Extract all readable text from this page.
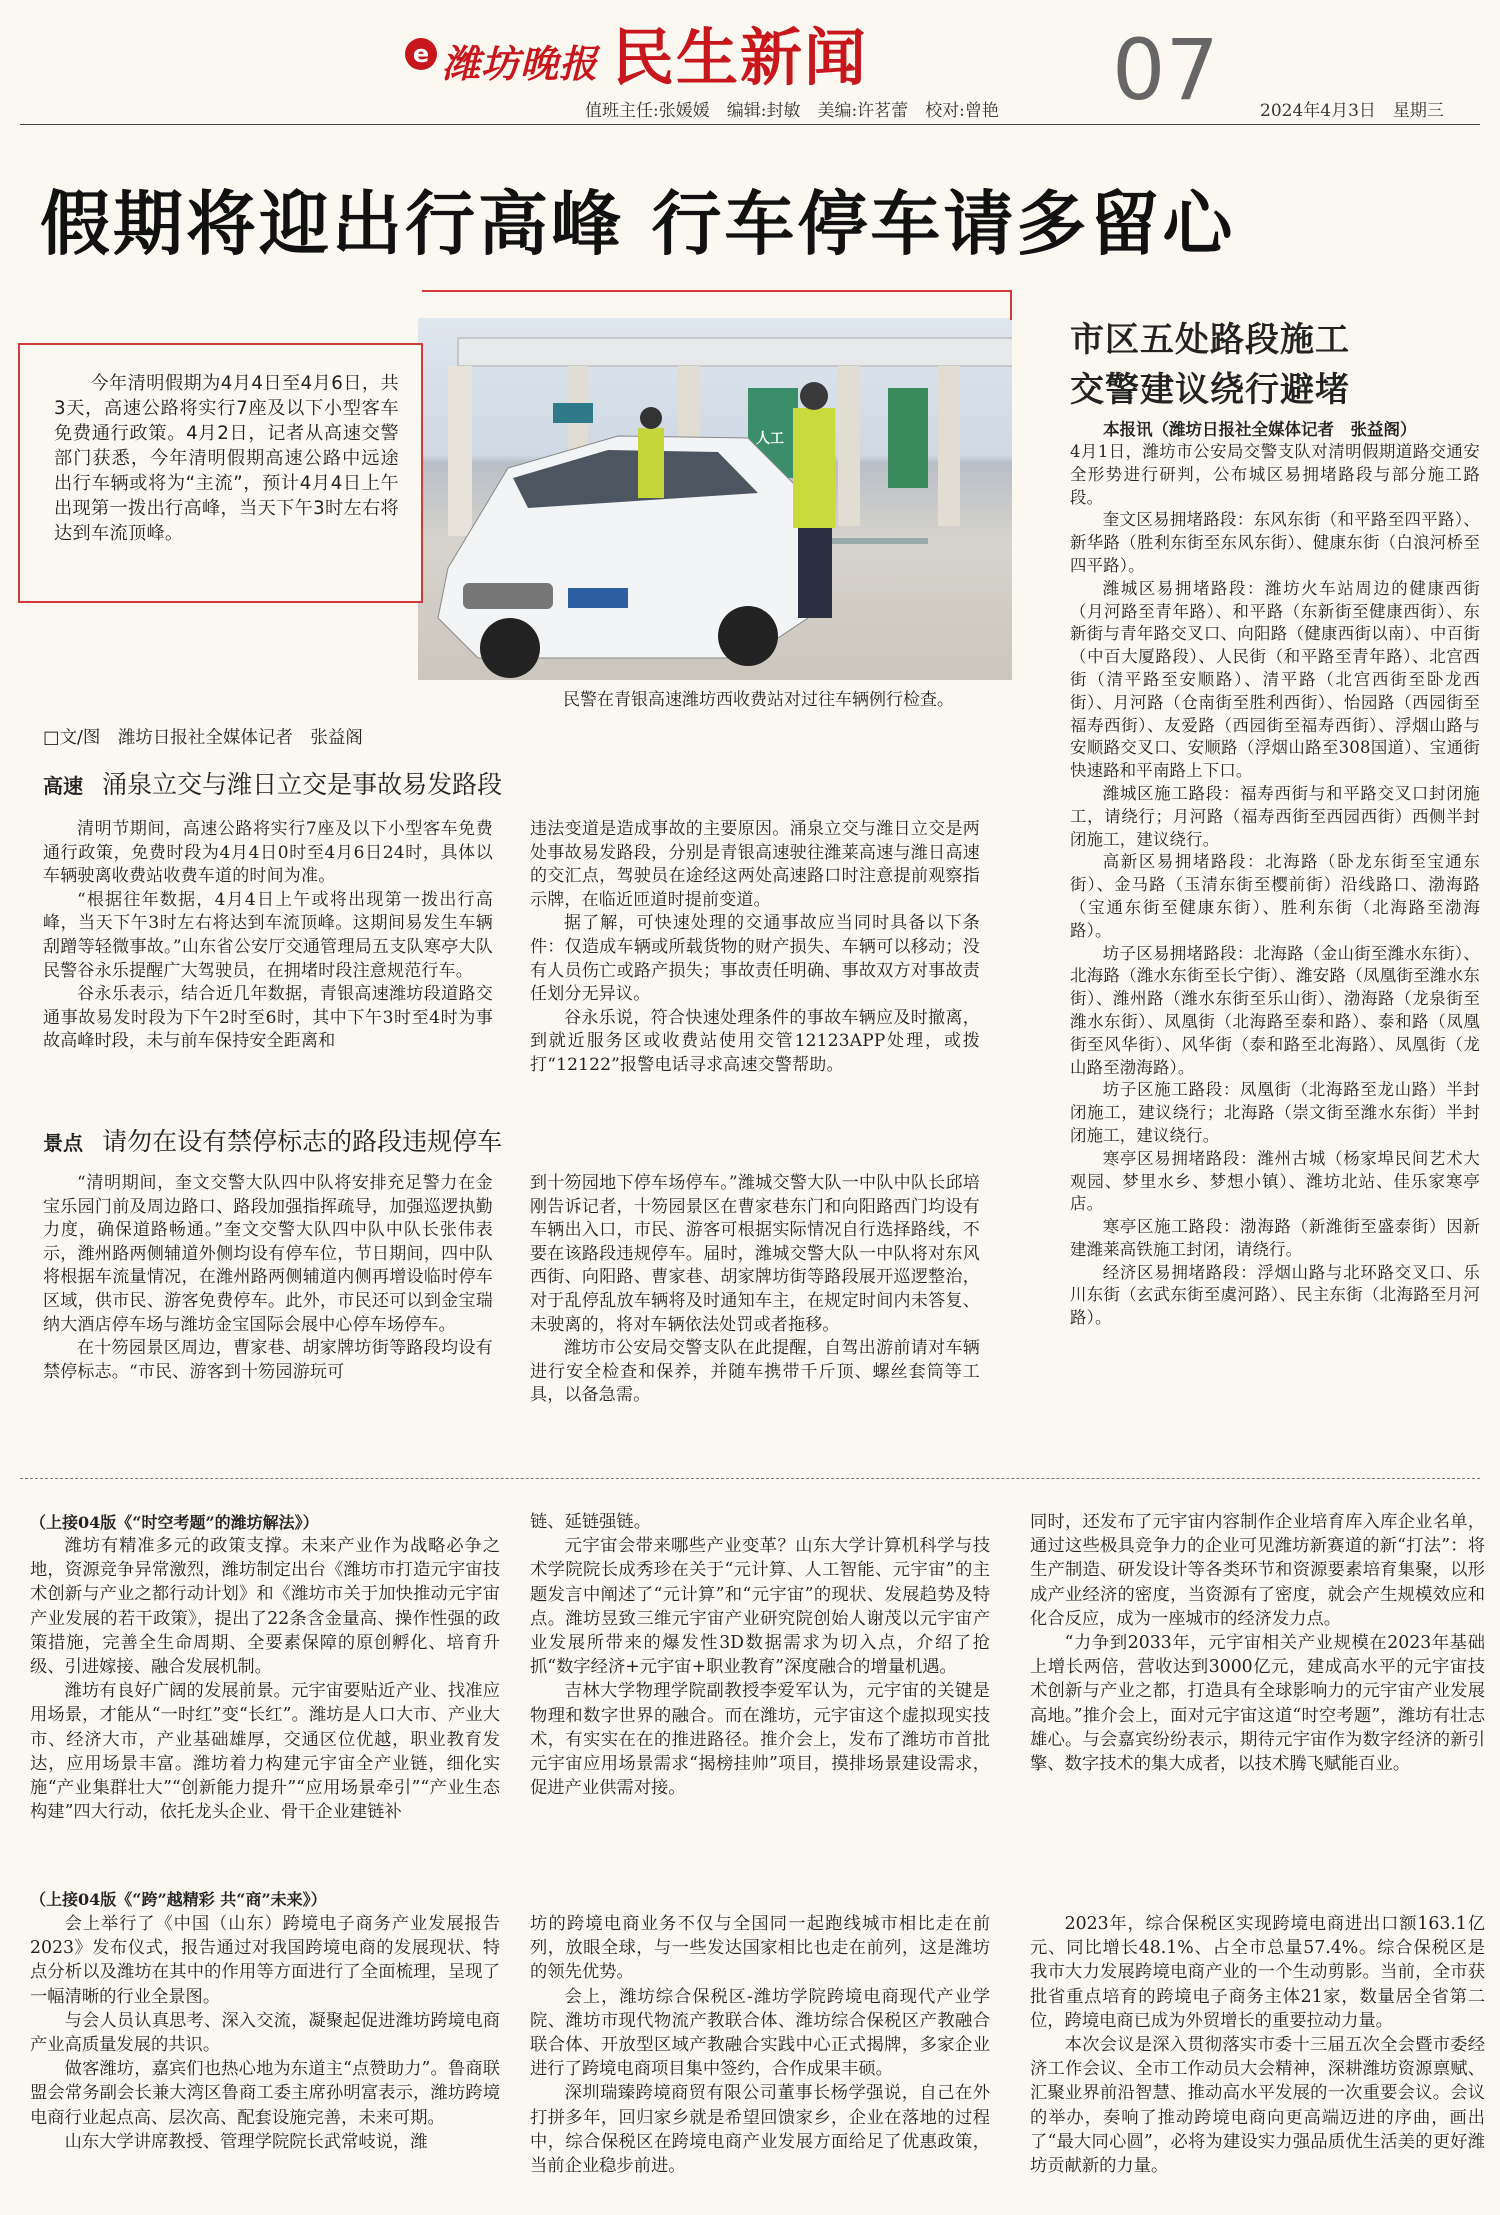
e 潍坊晚报 民生新闻
值班主任:张媛媛　编辑:封敏　美编:许茗蕾　校对:曾艳 07 2024年4月3日　星期三
假期将迎出行高峰 行车停车请多留心
人工
民警在青银高速潍坊西收费站对过往车辆例行检查。

今年清明假期为4月4日至4月6日，共3天，高速公路将实行7座及以下小型客车免费通行政策。4月2日，记者从高速交警部门获悉，今年清明假期高速公路中远途出行车辆或将为“主流”，预计4月4日上午出现第一拨出行高峰，当天下午3时左右将达到车流顶峰。

□文/图　潍坊日报社全媒体记者　张益阁
高速 涌泉立交与潍日立交是事故易发路段

清明节期间，高速公路将实行7座及以下小型客车免费通行政策，免费时段为4月4日0时至4月6日24时，具体以车辆驶离收费站收费车道的时间为准。

“根据往年数据，4月4日上午或将出现第一拨出行高峰，当天下午3时左右将达到车流顶峰。这期间易发生车辆刮蹭等轻微事故。”山东省公安厅交通管理局五支队寒亭大队民警谷永乐提醒广大驾驶员，在拥堵时段注意规范行车。

谷永乐表示，结合近几年数据，青银高速潍坊段道路交通事故易发时段为下午2时至6时，其中下午3时至4时为事故高峰时段，未与前车保持安全距离和

违法变道是造成事故的主要原因。涌泉立交与潍日立交是两处事故易发路段，分别是青银高速驶往潍莱高速与潍日高速的交汇点，驾驶员在途经这两处高速路口时注意提前观察指示牌，在临近匝道时提前变道。

据了解，可快速处理的交通事故应当同时具备以下条件：仅造成车辆或所载货物的财产损失、车辆可以移动；没有人员伤亡或路产损失；事故责任明确、事故双方对事故责任划分无异议。

谷永乐说，符合快速处理条件的事故车辆应及时撤离，到就近服务区或收费站使用交管12123APP处理，或拨打“12122”报警电话寻求高速交警帮助。

景点 请勿在设有禁停标志的路段违规停车

“清明期间，奎文交警大队四中队将安排充足警力在金宝乐园门前及周边路口、路段加强指挥疏导，加强巡逻执勤力度，确保道路畅通。”奎文交警大队四中队中队长张伟表示，潍州路两侧辅道外侧均设有停车位，节日期间，四中队将根据车流量情况，在潍州路两侧辅道内侧再增设临时停车区域，供市民、游客免费停车。此外，市民还可以到金宝瑞纳大酒店停车场与潍坊金宝国际会展中心停车场停车。

在十笏园景区周边，曹家巷、胡家牌坊街等路段均设有禁停标志。“市民、游客到十笏园游玩可

到十笏园地下停车场停车。”潍城交警大队一中队中队长邱培刚告诉记者，十笏园景区在曹家巷东门和向阳路西门均设有车辆出入口，市民、游客可根据实际情况自行选择路线，不要在该路段违规停车。届时，潍城交警大队一中队将对东风西街、向阳路、曹家巷、胡家牌坊街等路段展开巡逻整治，对于乱停乱放车辆将及时通知车主，在规定时间内未答复、未驶离的，将对车辆依法处罚或者拖移。

潍坊市公安局交警支队在此提醒，自驾出游前请对车辆进行安全检查和保养，并随车携带千斤顶、螺丝套筒等工具，以备急需。

市区五处路段施工
交警建议绕行避堵
本报讯（潍坊日报社全媒体记者　张益阁）

4月1日，潍坊市公安局交警支队对清明假期道路交通安全形势进行研判，公布城区易拥堵路段与部分施工路段。

奎文区易拥堵路段：东风东街（和平路至四平路）、新华路（胜利东街至东风东街）、健康东街（白浪河桥至四平路）。

潍城区易拥堵路段：潍坊火车站周边的健康西街（月河路至青年路）、和平路（东新街至健康西街）、东新街与青年路交叉口、向阳路（健康西街以南）、中百街（中百大厦路段）、人民街（和平路至青年路）、北宫西街（清平路至安顺路）、清平路（北宫西街至卧龙西街）、月河路（仓南街至胜利西街）、怡园路（西园街至福寿西街）、友爱路（西园街至福寿西街）、浮烟山路与安顺路交叉口、安顺路（浮烟山路至308国道）、宝通街快速路和平南路上下口。

潍城区施工路段：福寿西街与和平路交叉口封闭施工，请绕行；月河路（福寿西街至西园西街）西侧半封闭施工，建议绕行。

高新区易拥堵路段：北海路（卧龙东街至宝通东街）、金马路（玉清东街至樱前街）沿线路口、渤海路（宝通东街至健康东街）、胜利东街（北海路至渤海路）。

坊子区易拥堵路段：北海路（金山街至潍水东街）、北海路（潍水东街至长宁街）、潍安路（凤凰街至潍水东街）、潍州路（潍水东街至乐山街）、渤海路（龙泉街至潍水东街）、凤凰街（北海路至泰和路）、泰和路（凤凰街至风华街）、风华街（泰和路至北海路）、凤凰街（龙山路至渤海路）。

坊子区施工路段：凤凰街（北海路至龙山路）半封闭施工，建议绕行；北海路（崇文街至潍水东街）半封闭施工，建议绕行。

寒亭区易拥堵路段：潍州古城（杨家埠民间艺术大观园、梦里水乡、梦想小镇）、潍坊北站、佳乐家寒亭店。

寒亭区施工路段：渤海路（新潍街至盛泰街）因新建潍莱高铁施工封闭，请绕行。

经济区易拥堵路段：浮烟山路与北环路交叉口、乐川东街（玄武东街至虞河路）、民主东街（北海路至月河路）。

（上接04版《“时空考题”的潍坊解法》）

潍坊有精准多元的政策支撑。未来产业作为战略必争之地，资源竞争异常激烈，潍坊制定出台《潍坊市打造元宇宙技术创新与产业之都行动计划》和《潍坊市关于加快推动元宇宙产业发展的若干政策》，提出了22条含金量高、操作性强的政策措施，完善全生命周期、全要素保障的原创孵化、培育升级、引进嫁接、融合发展机制。

潍坊有良好广阔的发展前景。元宇宙要贴近产业、找准应用场景，才能从“一时红”变“长红”。潍坊是人口大市、产业大市、经济大市，产业基础雄厚，交通区位优越，职业教育发达，应用场景丰富。潍坊着力构建元宇宙全产业链，细化实施“产业集群壮大”“创新能力提升”“应用场景牵引”“产业生态构建”四大行动，依托龙头企业、骨干企业建链补

链、延链强链。

元宇宙会带来哪些产业变革？山东大学计算机科学与技术学院院长成秀珍在关于“元计算、人工智能、元宇宙”的主题发言中阐述了“元计算”和“元宇宙”的现状、发展趋势及特点。潍坊昱致三维元宇宙产业研究院创始人谢茂以元宇宙产业发展所带来的爆发性3D数据需求为切入点，介绍了抢抓“数字经济+元宇宙+职业教育”深度融合的增量机遇。

吉林大学物理学院副教授李爱军认为，元宇宙的关键是物理和数字世界的融合。而在潍坊，元宇宙这个虚拟现实技术，有实实在在的推进路径。推介会上，发布了潍坊市首批元宇宙应用场景需求“揭榜挂帅”项目，摸排场景建设需求，促进产业供需对接。

同时，还发布了元宇宙内容制作企业培育库入库企业名单，通过这些极具竞争力的企业可见潍坊新赛道的新“打法”：将生产制造、研发设计等各类环节和资源要素培育集聚，以形成产业经济的密度，当资源有了密度，就会产生规模效应和化合反应，成为一座城市的经济发力点。

“力争到2033年，元宇宙相关产业规模在2023年基础上增长两倍，营收达到3000亿元，建成高水平的元宇宙技术创新与产业之都，打造具有全球影响力的元宇宙产业发展高地。”推介会上，面对元宇宙这道“时空考题”，潍坊有壮志雄心。与会嘉宾纷纷表示，期待元宇宙作为数字经济的新引擎、数字技术的集大成者，以技术腾飞赋能百业。

（上接04版《“跨”越精彩 共“商”未来》）

会上举行了《中国（山东）跨境电子商务产业发展报告2023》发布仪式，报告通过对我国跨境电商的发展现状、特点分析以及潍坊在其中的作用等方面进行了全面梳理，呈现了一幅清晰的行业全景图。

与会人员认真思考、深入交流，凝聚起促进潍坊跨境电商产业高质量发展的共识。

做客潍坊，嘉宾们也热心地为东道主“点赞助力”。鲁商联盟会常务副会长兼大湾区鲁商工委主席孙明富表示，潍坊跨境电商行业起点高、层次高、配套设施完善，未来可期。

山东大学讲席教授、管理学院院长武常岐说，潍

坊的跨境电商业务不仅与全国同一起跑线城市相比走在前列，放眼全球，与一些发达国家相比也走在前列，这是潍坊的领先优势。

会上，潍坊综合保税区-潍坊学院跨境电商现代产业学院、潍坊市现代物流产教联合体、潍坊综合保税区产教融合联合体、开放型区域产教融合实践中心正式揭牌，多家企业进行了跨境电商项目集中签约，合作成果丰硕。

深圳瑞臻跨境商贸有限公司董事长杨学强说，自己在外打拼多年，回归家乡就是希望回馈家乡，企业在落地的过程中，综合保税区在跨境电商产业发展方面给足了优惠政策，当前企业稳步前进。

2023年，综合保税区实现跨境电商进出口额163.1亿元、同比增长48.1%、占全市总量57.4%。综合保税区是我市大力发展跨境电商产业的一个生动剪影。当前，全市获批省重点培育的跨境电子商务主体21家，数量居全省第二位，跨境电商已成为外贸增长的重要拉动力量。

本次会议是深入贯彻落实市委十三届五次全会暨市委经济工作会议、全市工作动员大会精神，深耕潍坊资源禀赋、汇聚业界前沿智慧、推动高水平发展的一次重要会议。会议的举办，奏响了推动跨境电商向更高端迈进的序曲，画出了“最大同心圆”，必将为建设实力强品质优生活美的更好潍坊贡献新的力量。
